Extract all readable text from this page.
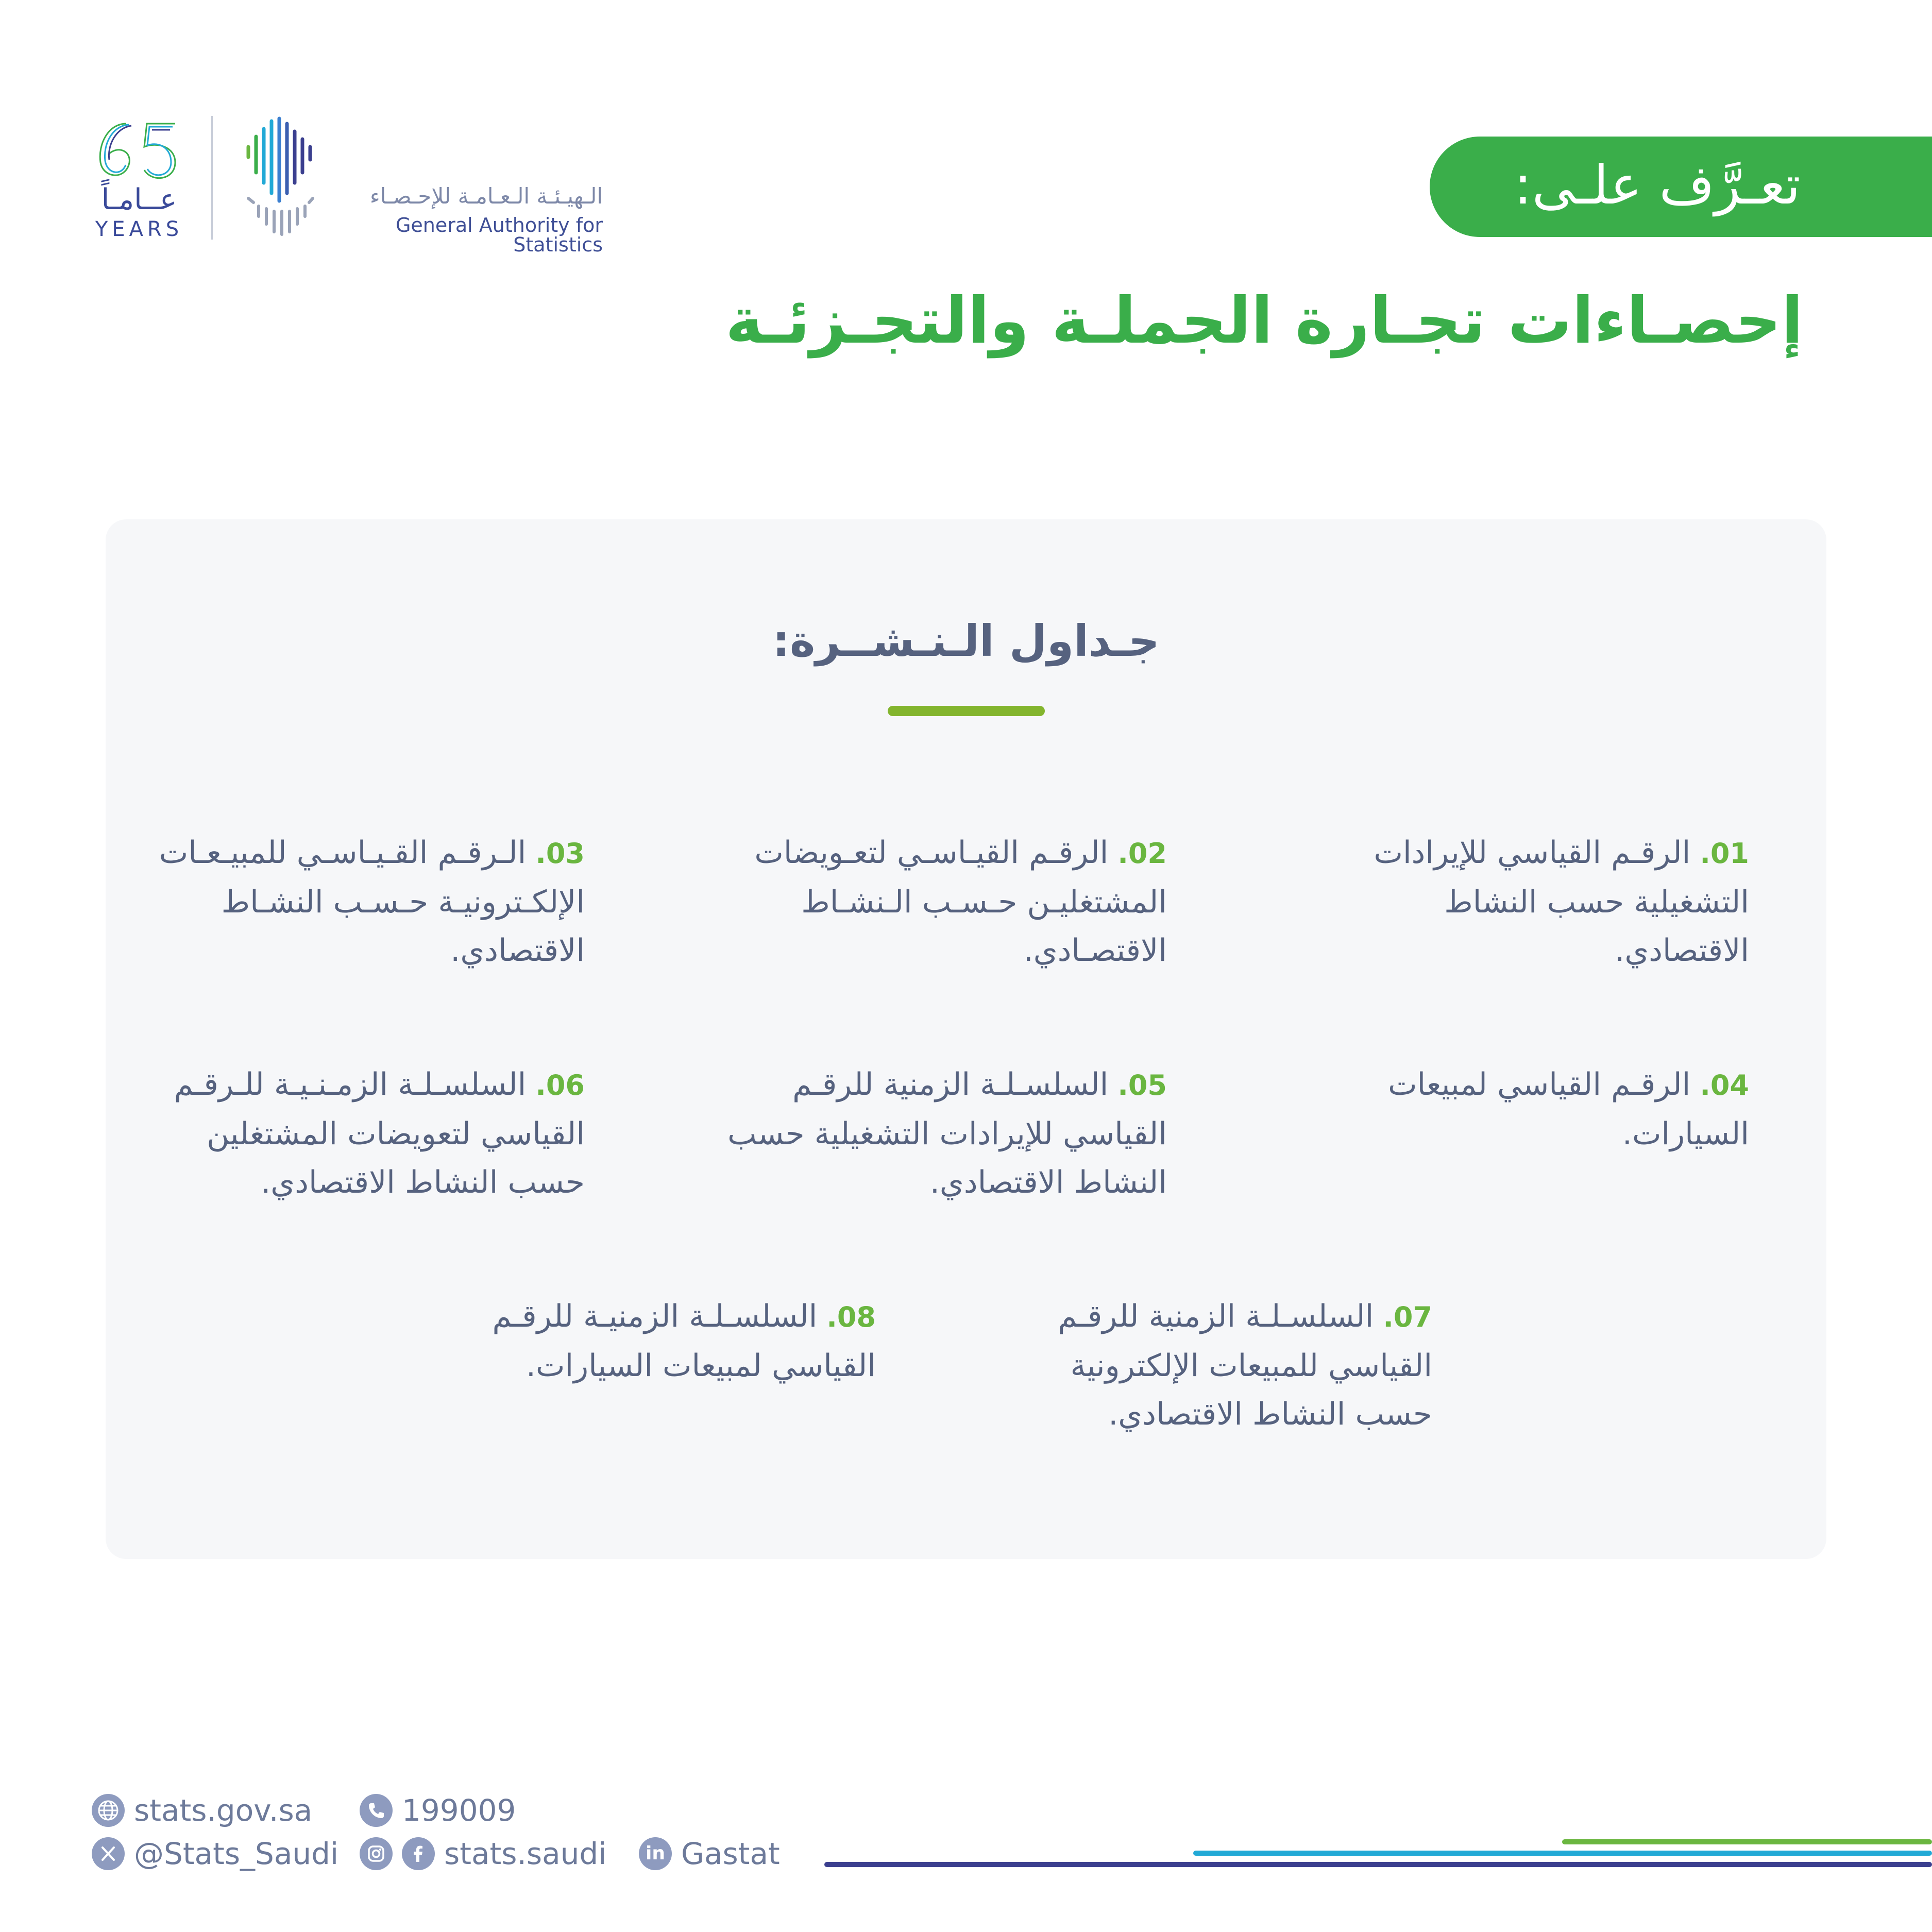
عــامـاً
YEARS
الـهيـئـة الـعـامـة للإحـصـاء
General Authority for Statistics
تعـرَّف علـى:
إحصـاءات تجـارة الجملـة والتجـزئـة
جـداول الـنـشــرة:
01.الرقـم القياسي للإيرادات التشغيلية حسب النشاط الاقتصادي.
02.الرقـم القيـاسـي لتعـويضات المشتغليـن حـسـب الـنشـاط الاقتصـادي.
03.الـرقـم القـيـاسـي للمبيـعـات الإلكـترونيـة حـسـب النشـاط الاقتصادي.
04.الرقـم القياسي لمبيعات السيارات.
05.السلسـلـة الزمنية للرقـم القياسي للإيرادات التشغيلية حسب النشاط الاقتصادي.
06.السلسـلـة الزمـنـيـة للـرقـم القياسي لتعويضات المشتغلين حسب النشاط الاقتصادي.
07.السلسـلـة الزمنية للرقـم القياسي للمبيعات الإلكترونية حسب النشاط الاقتصادي.
08.السلسـلـة الزمنيـة للرقـم القياسي لمبيعات السيارات.
stats.gov.sa	199009
@Stats_Saudi	stats.saudi	in Gastat
